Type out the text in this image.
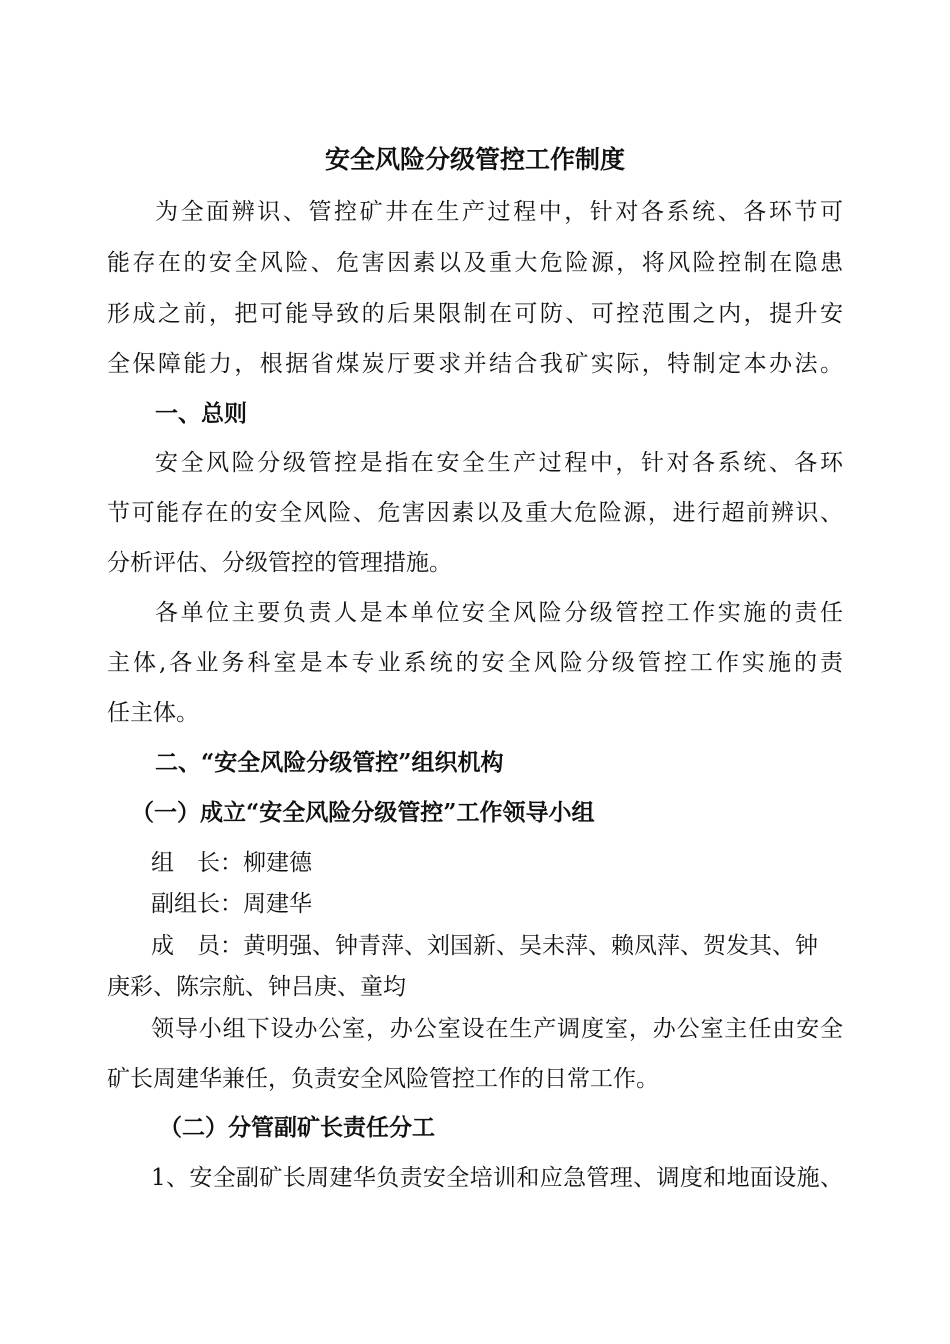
安全风险分级管控工作制度
为全面辨识、管控矿井在生产过程中，针对各系统、各环节可
能存在的安全风险、危害因素以及重大危险源，将风险控制在隐患
形成之前，把可能导致的后果限制在可防、可控范围之内，提升安
全保障能力，根据省煤炭厅要求并结合我矿实际，特制定本办法。
一、总则
安全风险分级管控是指在安全生产过程中，针对各系统、各环
节可能存在的安全风险、危害因素以及重大危险源，进行超前辨识、
分析评估、分级管控的管理措施。
各单位主要负责人是本单位安全风险分级管控工作实施的责任
主体,各业务科室是本专业系统的安全风险分级管控工作实施的责
任主体。
二、“安全风险分级管控”组织机构
（一）成立“安全风险分级管控”工作领导小组
组　长：柳建德
副组长：周建华
成　员：黄明强、钟青萍、刘国新、吴未萍、赖凤萍、贺发其、钟
庚彩、陈宗航、钟吕庚、童均
领导小组下设办公室，办公室设在生产调度室，办公室主任由安全
矿长周建华兼任，负责安全风险管控工作的日常工作。
（二）分管副矿长责任分工
1、安全副矿长周建华负责安全培训和应急管理、调度和地面设施、
